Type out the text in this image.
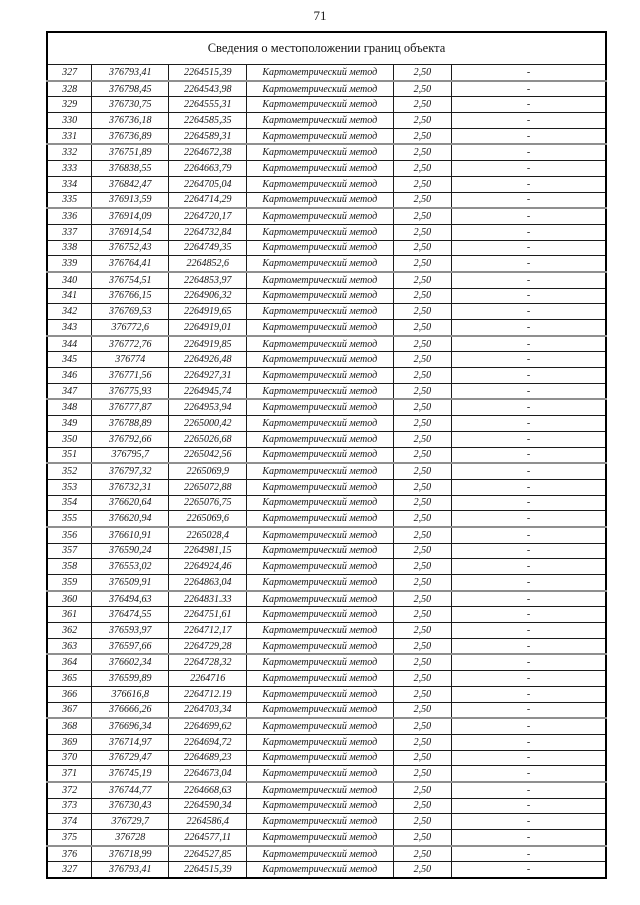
71
Сведения о местоположении границ объекта					
327	376793,41	2264515,39	Картометрический метод	2,50	-
328	376798,45	2264543,98	Картометрический метод	2,50	-
329	376730,75	2264555,31	Картометрический метод	2,50	-
330	376736,18	2264585,35	Картометрический метод	2,50	-
331	376736,89	2264589,31	Картометрический метод	2,50	-
332	376751,89	2264672,38	Картометрический метод	2,50	-
333	376838,55	2264663,79	Картометрический метод	2,50	-
334	376842,47	2264705,04	Картометрический метод	2,50	-
335	376913,59	2264714,29	Картометрический метод	2,50	-
336	376914,09	2264720,17	Картометрический метод	2,50	-
337	376914,54	2264732,84	Картометрический метод	2,50	-
338	376752,43	2264749,35	Картометрический метод	2,50	-
339	376764,41	2264852,6	Картометрический метод	2,50	-
340	376754,51	2264853,97	Картометрический метод	2,50	-
341	376766,15	2264906,32	Картометрический метод	2,50	-
342	376769,53	2264919,65	Картометрический метод	2,50	-
343	376772,6	2264919,01	Картометрический метод	2,50	-
344	376772,76	2264919,85	Картометрический метод	2,50	-
345	376774	2264926,48	Картометрический метод	2,50	-
346	376771,56	2264927,31	Картометрический метод	2,50	-
347	376775,93	2264945,74	Картометрический метод	2,50	-
348	376777,87	2264953,94	Картометрический метод	2,50	-
349	376788,89	2265000,42	Картометрический метод	2,50	-
350	376792,66	2265026,68	Картометрический метод	2,50	-
351	376795,7	2265042,56	Картометрический метод	2,50	-
352	376797,32	2265069,9	Картометрический метод	2,50	-
353	376732,31	2265072,88	Картометрический метод	2,50	-
354	376620,64	2265076,75	Картометрический метод	2,50	-
355	376620,94	2265069,6	Картометрический метод	2,50	-
356	376610,91	2265028,4	Картометрический метод	2,50	-
357	376590,24	2264981,15	Картометрический метод	2,50	-
358	376553,02	2264924,46	Картометрический метод	2,50	-
359	376509,91	2264863,04	Картометрический метод	2,50	-
360	376494,63	2264831.33	Картометрический метод	2,50	-
361	376474,55	2264751,61	Картометрический метод	2,50	-
362	376593,97	2264712,17	Картометрический метод	2,50	-
363	376597,66	2264729,28	Картометрический метод	2,50	-
364	376602,34	2264728,32	Картометрический метод	2,50	-
365	376599,89	2264716	Картометрический метод	2,50	-
366	376616,8	2264712.19	Картометрический метод	2,50	-
367	376666,26	2264703,34	Картометрический метод	2,50	-
368	376696,34	2264699,62	Картометрический метод	2,50	-
369	376714,97	2264694,72	Картометрический метод	2,50	-
370	376729,47	2264689,23	Картометрический метод	2,50	-
371	376745,19	2264673,04	Картометрический метод	2,50	-
372	376744,77	2264668,63	Картометрический метод	2,50	-
373	376730,43	2264590,34	Картометрический метод	2,50	-
374	376729,7	2264586,4	Картометрический метод	2,50	-
375	376728	2264577,11	Картометрический метод	2,50	-
376	376718,99	2264527,85	Картометрический метод	2,50	-
327	376793,41	2264515,39	Картометрический метод	2,50	-
